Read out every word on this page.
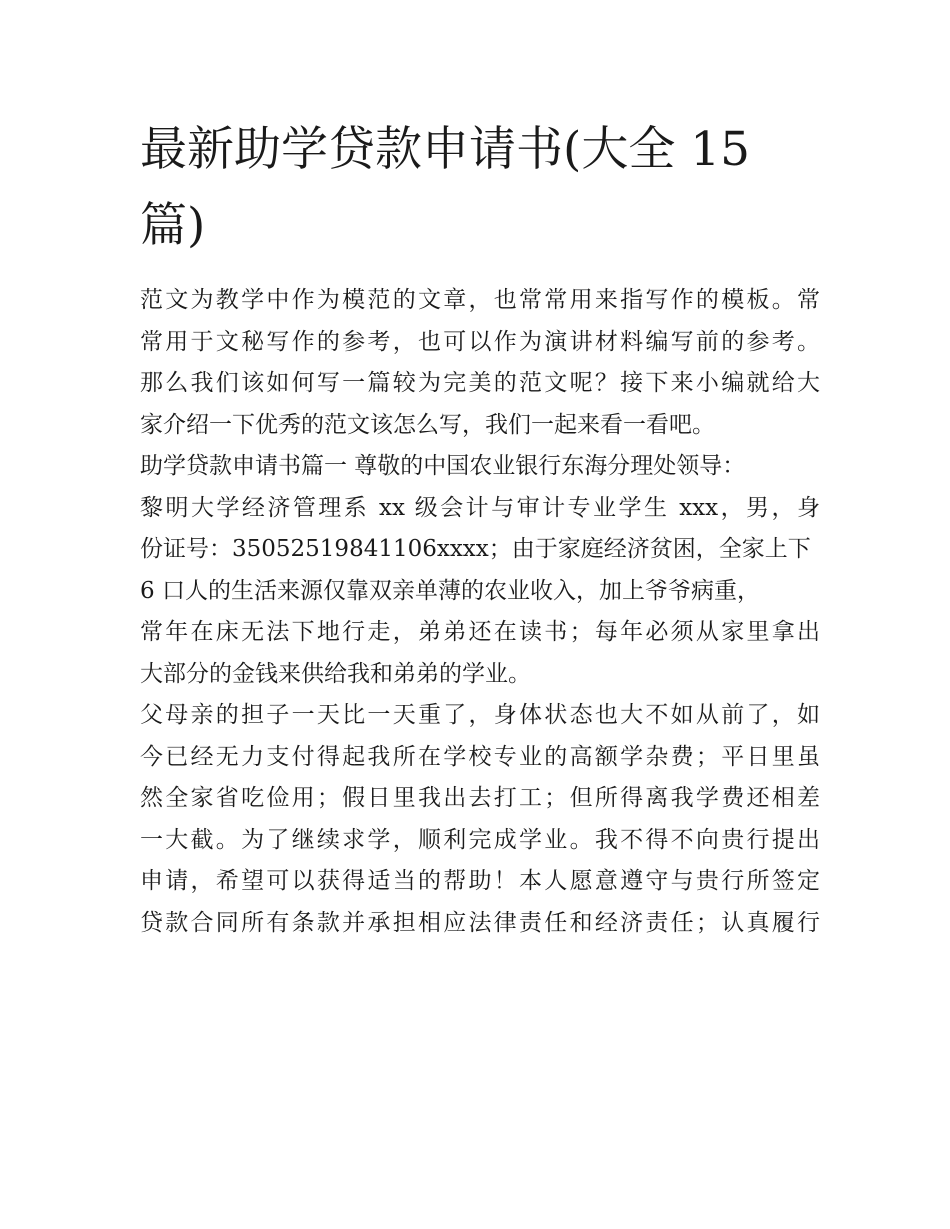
最新助学贷款申请书(大全 15
篇)
范文为教学中作为模范的文章，也常常用来指写作的模板。常
常用于文秘写作的参考，也可以作为演讲材料编写前的参考。
那么我们该如何写一篇较为完美的范文呢？接下来小编就给大
家介绍一下优秀的范文该怎么写，我们一起来看一看吧。
助学贷款申请书篇一 尊敬的中国农业银行东海分理处领导：
黎明大学经济管理系 xx 级会计与审计专业学生 xxx，男，身
份证号：35052519841106xxxx；由于家庭经济贫困，全家上下
6 口人的生活来源仅靠双亲单薄的农业收入，加上爷爷病重，
常年在床无法下地行走，弟弟还在读书；每年必须从家里拿出
大部分的金钱来供给我和弟弟的学业。
父母亲的担子一天比一天重了，身体状态也大不如从前了，如
今已经无力支付得起我所在学校专业的高额学杂费；平日里虽
然全家省吃俭用；假日里我出去打工；但所得离我学费还相差
一大截。为了继续求学，顺利完成学业。我不得不向贵行提出
申请，希望可以获得适当的帮助！本人愿意遵守与贵行所签定
贷款合同所有条款并承担相应法律责任和经济责任；认真履行
